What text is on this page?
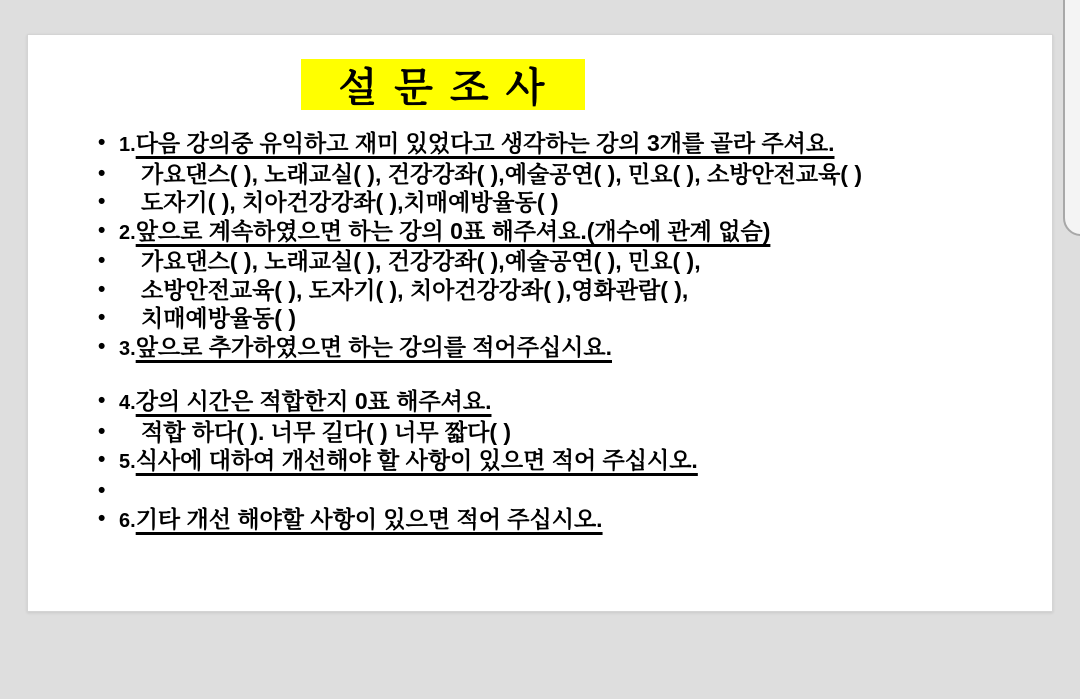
설 문 조 사
• 1.다음 강의중 유익하고 재미 있었다고 생각하는 강의 3개를 골라 주셔요.
• 가요댄스( ), 노래교실( ), 건강강좌( ),예술공연( ), 민요( ), 소방안전교육( )
• 도자기( ), 치아건강강좌( ),치매예방율동( )
• 2.앞으로 계속하였으면 하는 강의 0표 해주셔요.(개수에 관계 없슴)
• 가요댄스( ), 노래교실( ), 건강강좌( ),예술공연( ), 민요( ),
• 소방안전교육( ), 도자기( ), 치아건강강좌( ),영화관람( ),
• 치매예방율동( )
• 3.앞으로 추가하였으면 하는 강의를 적어주십시요.
• 4.강의 시간은 적합한지 0표 해주셔요.
• 적합 하다( ). 너무 길다( ) 너무 짧다( )
• 5.식사에 대하여 개선해야 할 사항이 있으면 적어 주십시오.
•
• 6.기타 개선 해야할 사항이 있으면 적어 주십시오.
